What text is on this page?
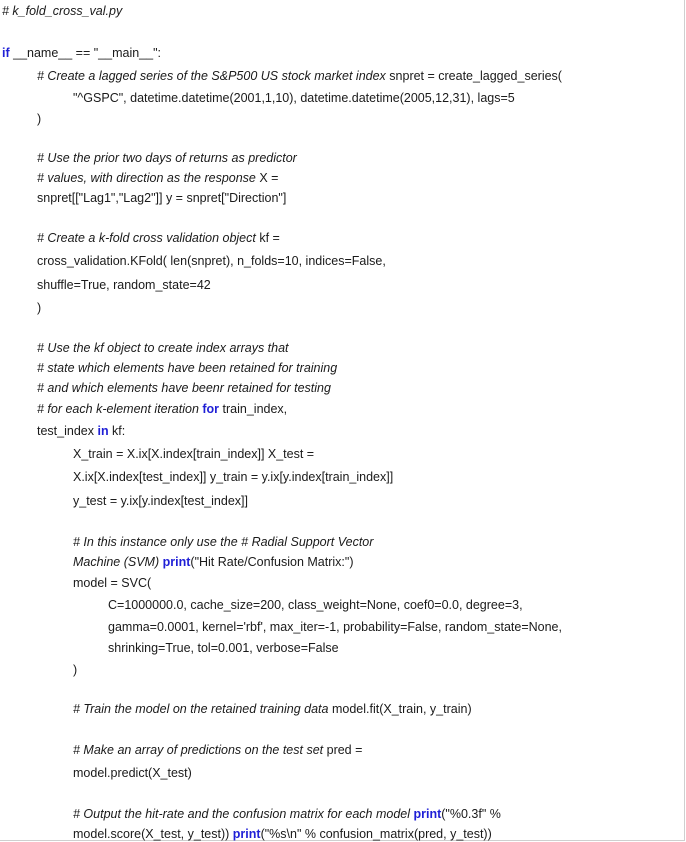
# k_fold_cross_val.py
if __name__ == "__main__":
# Create a lagged series of the S&P500 US stock market index snpret = create_lagged_series(
"^GSPC", datetime.datetime(2001,1,10), datetime.datetime(2005,12,31), lags=5
)
# Use the prior two days of returns as predictor
# values, with direction as the response X =
snpret[["Lag1","Lag2"]] y = snpret["Direction"]
# Create a k-fold cross validation object kf =
cross_validation.KFold( len(snpret), n_folds=10, indices=False,
shuffle=True, random_state=42
)
# Use the kf object to create index arrays that
# state which elements have been retained for training
# and which elements have beenr retained for testing
# for each k-element iteration for train_index,
test_index in kf:
X_train = X.ix[X.index[train_index]] X_test =
X.ix[X.index[test_index]] y_train = y.ix[y.index[train_index]]
y_test = y.ix[y.index[test_index]]
# In this instance only use the # Radial Support Vector
Machine (SVM) print("Hit Rate/Confusion Matrix:")
model = SVC(
C=1000000.0, cache_size=200, class_weight=None, coef0=0.0, degree=3,
gamma=0.0001, kernel='rbf', max_iter=-1, probability=False, random_state=None,
shrinking=True, tol=0.001, verbose=False
)
# Train the model on the retained training data model.fit(X_train, y_train)
# Make an array of predictions on the test set pred =
model.predict(X_test)
# Output the hit-rate and the confusion matrix for each model print("%0.3f" %
model.score(X_test, y_test)) print("%s\n" % confusion_matrix(pred, y_test))
